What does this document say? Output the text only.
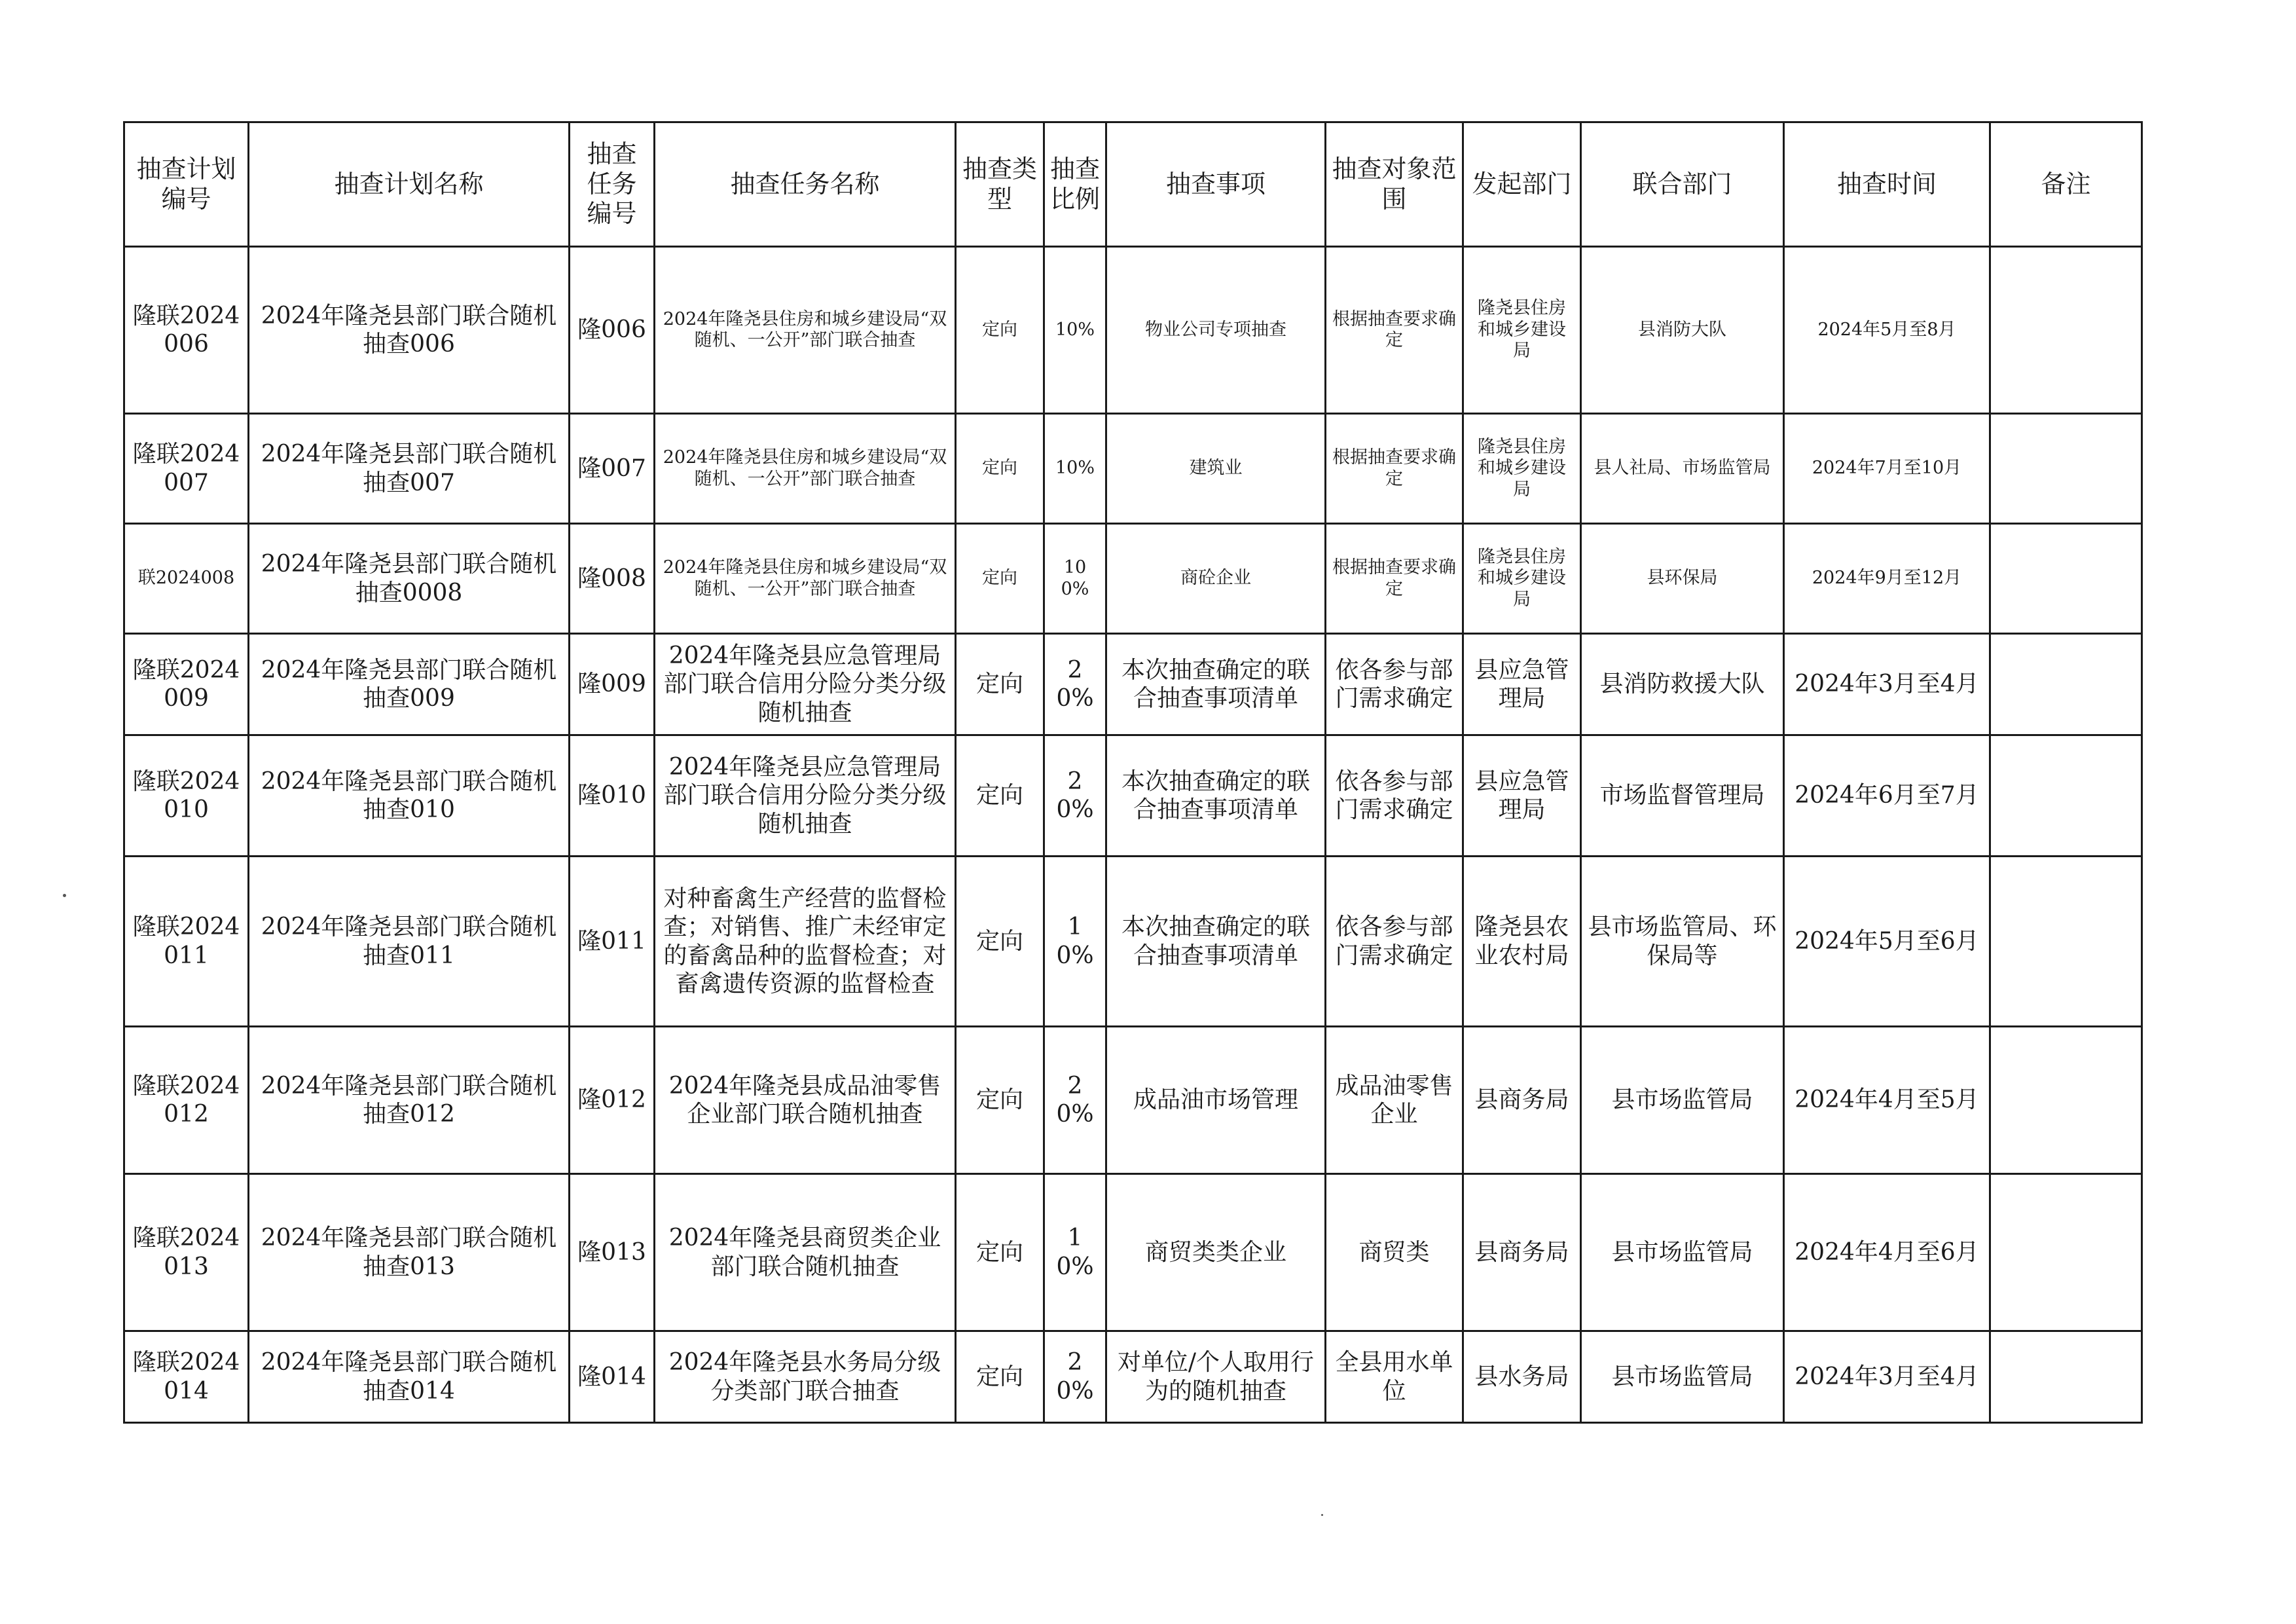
抽查计划编号	抽查计划名称	抽查任务编号	抽查任务名称	抽查类型	抽查比例	抽查事项	抽查对象范围	发起部门	联合部门	抽查时间	备注
隆联2024006	2024年隆尧县部门联合随机抽查006	隆006	2024年隆尧县住房和城乡建设局“双随机、一公开”部门联合抽查	定向	10%	物业公司专项抽查	根据抽查要求确定	隆尧县住房和城乡建设局	县消防大队	2024年5月至8月	
隆联2024007	2024年隆尧县部门联合随机抽查007	隆007	2024年隆尧县住房和城乡建设局“双随机、一公开”部门联合抽查	定向	10%	建筑业	根据抽查要求确定	隆尧县住房和城乡建设局	县人社局、市场监管局	2024年7月至10月	
联2024008	2024年隆尧县部门联合随机抽查0008	隆008	2024年隆尧县住房和城乡建设局“双随机、一公开”部门联合抽查	定向	100%	商砼企业	根据抽查要求确定	隆尧县住房和城乡建设局	县环保局	2024年9月至12月	
隆联2024009	2024年隆尧县部门联合随机抽查009	隆009	2024年隆尧县应急管理局部门联合信用分险分类分级随机抽查	定向	20%	本次抽查确定的联合抽查事项清单	依各参与部门需求确定	县应急管理局	县消防救援大队	2024年3月至4月	
隆联2024010	2024年隆尧县部门联合随机抽查010	隆010	2024年隆尧县应急管理局部门联合信用分险分类分级随机抽查	定向	20%	本次抽查确定的联合抽查事项清单	依各参与部门需求确定	县应急管理局	市场监督管理局	2024年6月至7月	
隆联2024011	2024年隆尧县部门联合随机抽查011	隆011	对种畜禽生产经营的监督检查；对销售、推广未经审定的畜禽品种的监督检查；对畜禽遗传资源的监督检查	定向	10%	本次抽查确定的联合抽查事项清单	依各参与部门需求确定	隆尧县农业农村局	县市场监管局、环保局等	2024年5月至6月	
隆联2024012	2024年隆尧县部门联合随机抽查012	隆012	2024年隆尧县成品油零售企业部门联合随机抽查	定向	20%	成品油市场管理	成品油零售企业	县商务局	县市场监管局	2024年4月至5月	
隆联2024013	2024年隆尧县部门联合随机抽查013	隆013	2024年隆尧县商贸类企业部门联合随机抽查	定向	10%	商贸类类企业	商贸类	县商务局	县市场监管局	2024年4月至6月	
隆联2024014	2024年隆尧县部门联合随机抽查014	隆014	2024年隆尧县水务局分级分类部门联合抽查	定向	20%	对单位/个人取用行为的随机抽查	全县用水单位	县水务局	县市场监管局	2024年3月至4月	
